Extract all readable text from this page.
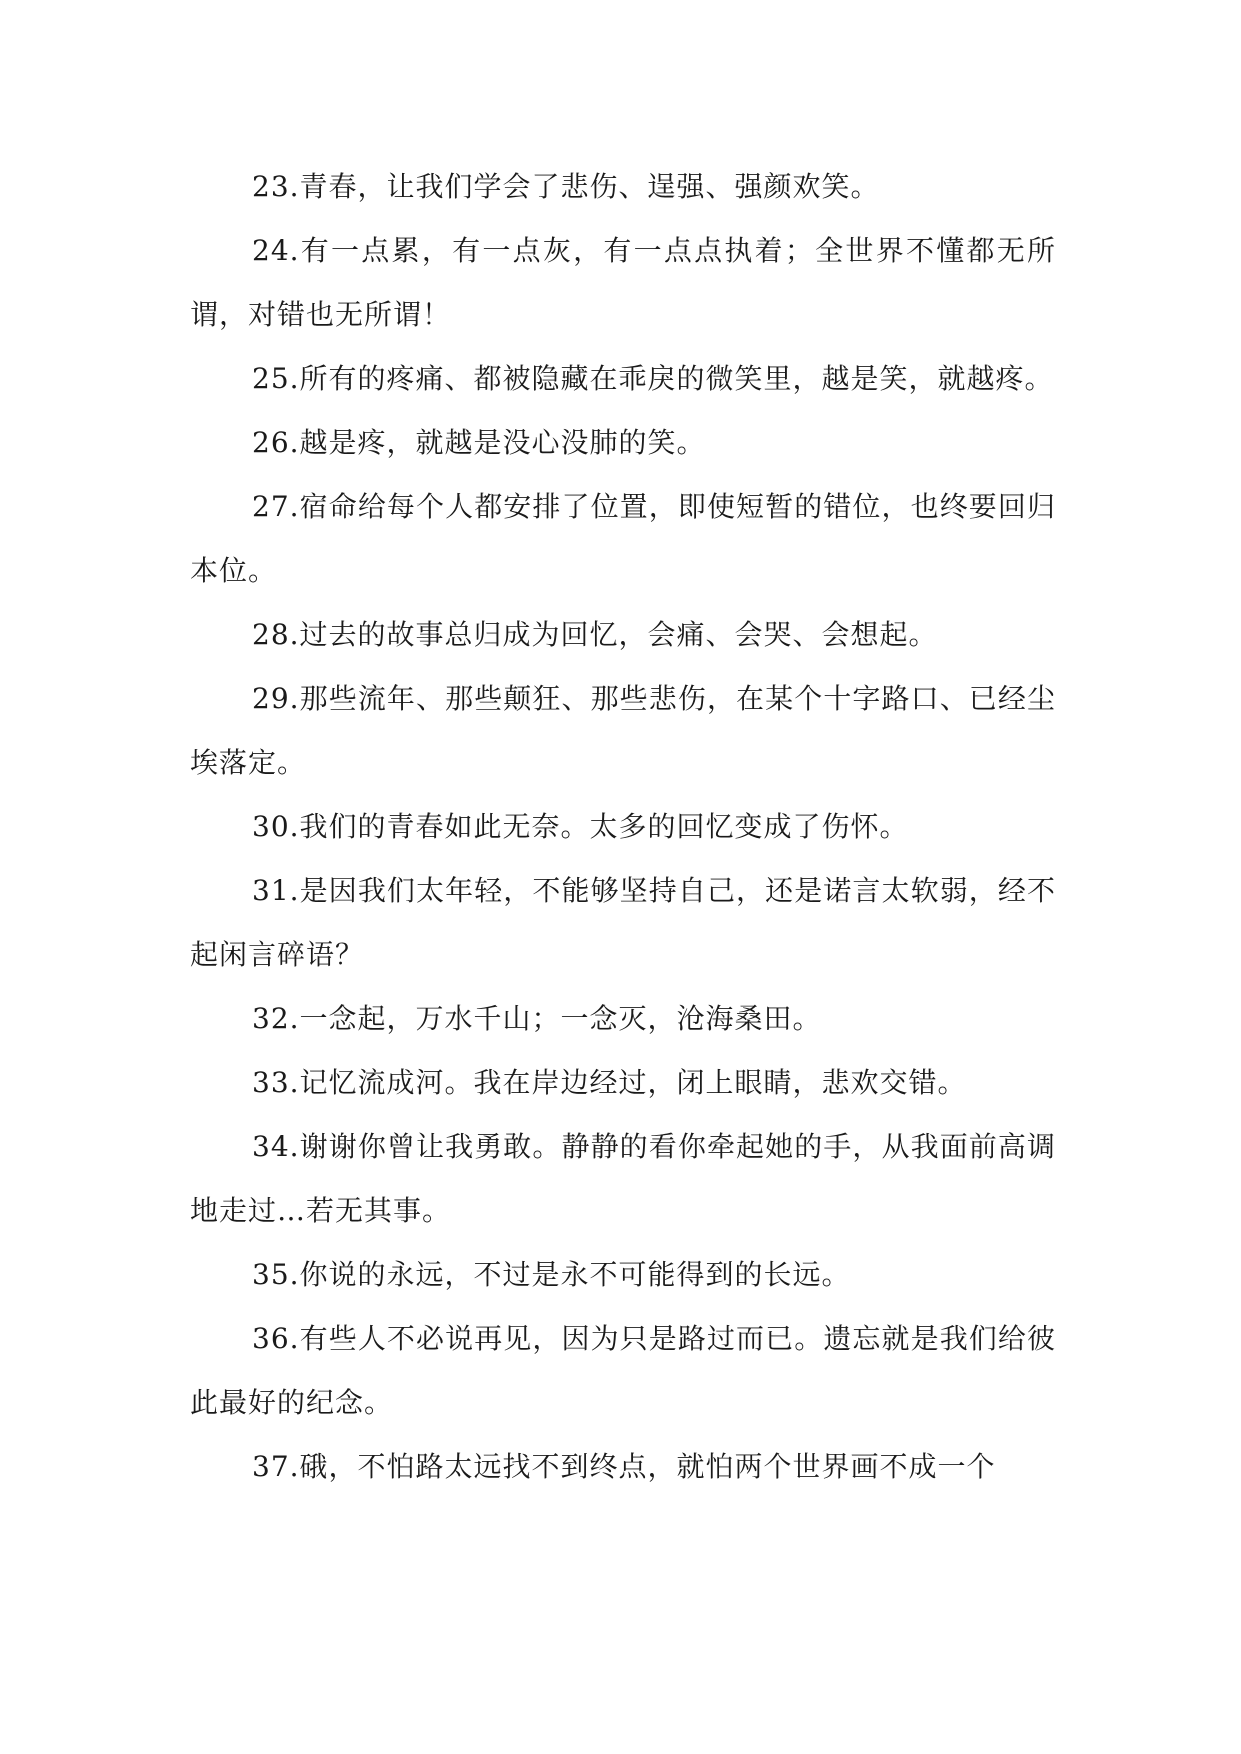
23.青春，让我们学会了悲伤、逞强、强颜欢笑。

24.有一点累，有一点灰，有一点点执着；全世界不懂都无所谓，对错也无所谓！

25.所有的疼痛、都被隐藏在乖戾的微笑里，越是笑，就越疼。

26.越是疼，就越是没心没肺的笑。

27.宿命给每个人都安排了位置，即使短暂的错位，也终要回归本位。

28.过去的故事总归成为回忆，会痛、会哭、会想起。

29.那些流年、那些颠狂、那些悲伤，在某个十字路口、已经尘埃落定。

30.我们的青春如此无奈。太多的回忆变成了伤怀。

31.是因我们太年轻，不能够坚持自己，还是诺言太软弱，经不起闲言碎语？

32.一念起，万水千山；一念灭，沧海桑田。

33.记忆流成河。我在岸边经过，闭上眼睛，悲欢交错。

34.谢谢你曾让我勇敢。静静的看你牵起她的手，从我面前高调地走过…若无其事。

35.你说的永远，不过是永不可能得到的长远。

36.有些人不必说再见，因为只是路过而已。遗忘就是我们给彼此最好的纪念。

37.硪，不怕路太远找不到终点，就怕两个世界画不成一个
